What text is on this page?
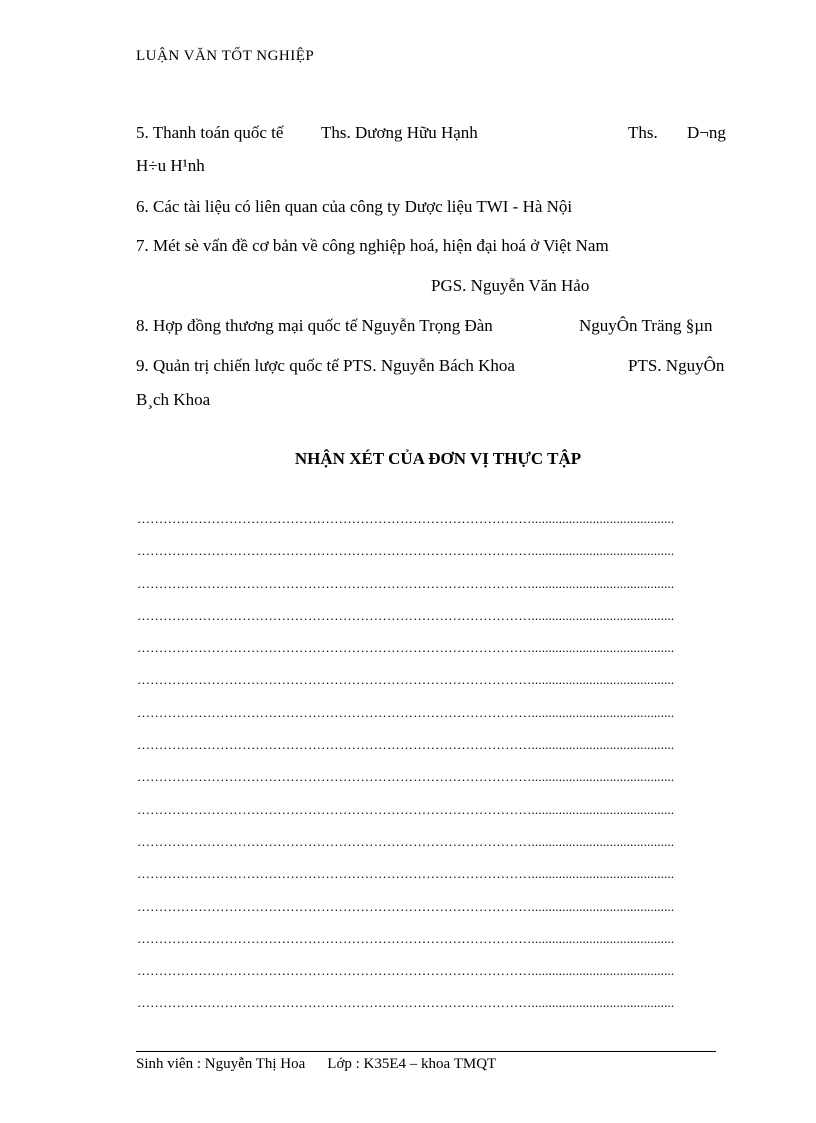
LUẬN VĂN TỐT NGHIỆP
5. Thanh toán quốc tế Ths. Dương Hữu Hạnh	Ths. D¬ng
H÷u H¹nh
6. Các tài liệu có liên quan của công ty Dược liệu TWI - Hà Nội
7. Mét sè vấn đề cơ bản về công nghiệp hoá, hiện đại hoá ở Việt Nam
PGS. Nguyễn Văn Hảo
8. Hợp đồng thương mại quốc tế Nguyễn Trọng Đàn	NguyÔn Träng §µn
9. Quản trị chiến lược quốc tế PTS. Nguyễn Bách Khoa	PTS. NguyÔn
B¸ch Khoa
NHẬN XÉT CỦA ĐƠN VỊ THỰC TẬP
………………………………………………………………………………..........................................
………………………………………………………………………………..........................................
………………………………………………………………………………..........................................
………………………………………………………………………………..........................................
………………………………………………………………………………..........................................
………………………………………………………………………………..........................................
………………………………………………………………………………..........................................
………………………………………………………………………………..........................................
………………………………………………………………………………..........................................
………………………………………………………………………………..........................................
………………………………………………………………………………..........................................
………………………………………………………………………………..........................................
………………………………………………………………………………..........................................
………………………………………………………………………………..........................................
………………………………………………………………………………..........................................
………………………………………………………………………………..........................................
Sinh viên : Nguyễn Thị Hoa Lớp : K35E4 – khoa TMQT
